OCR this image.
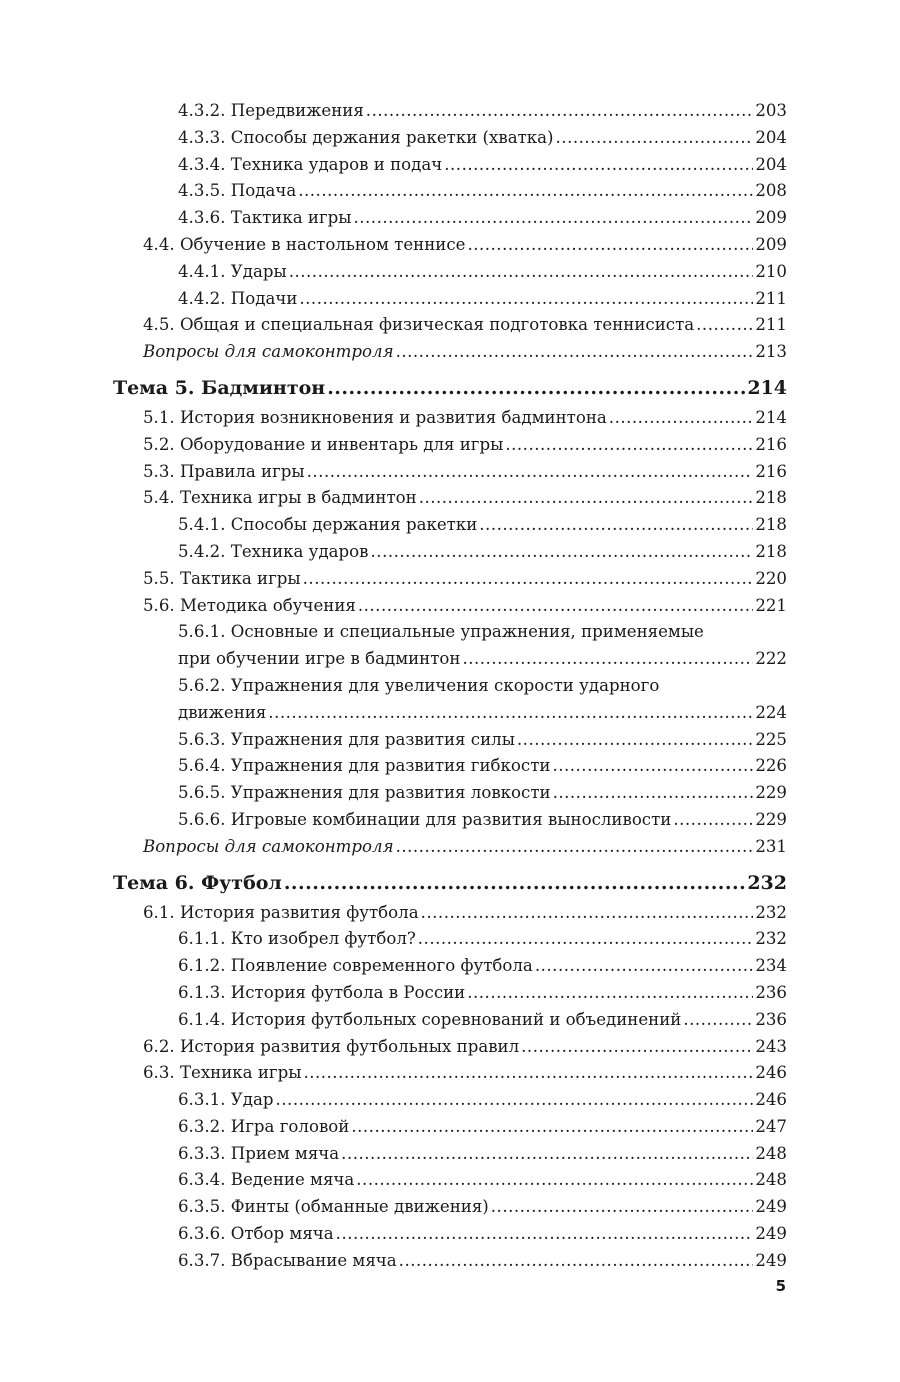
4.3.2. Передвижения .....	203
4.3.3. Способы держания ракетки (хватка) .....	204
4.3.4. Техника ударов и подач .....	204
4.3.5. Подача .....	208
4.3.6. Тактика игры .....	209
4.4. Обучение в настольном теннисе .....	209
4.4.1. Удары .....	210
4.4.2. Подачи .....	211
4.5. Общая и специальная физическая подготовка теннисиста .....	211
Вопросы для самоконтроля .....	213
Тема 5. Бадминтон .....	214
5.1. История возникновения и развития бадминтона .....	214
5.2. Оборудование и инвентарь для игры .....	216
5.3. Правила игры .....	216
5.4. Техника игры в бадминтон .....	218
5.4.1. Способы держания ракетки .....	218
5.4.2. Техника ударов .....	218
5.5. Тактика игры .....	220
5.6. Методика обучения .....	221
5.6.1. Основные и специальные упражнения, применяемые
при обучении игре в бадминтон .....	222
5.6.2. Упражнения для увеличения скорости ударного
движения .....	224
5.6.3. Упражнения для развития силы .....	225
5.6.4. Упражнения для развития гибкости .....	226
5.6.5. Упражнения для развития ловкости .....	229
5.6.6. Игровые комбинации для развития выносливости .....	229
Вопросы для самоконтроля .....	231
Тема 6. Футбол .....	232
6.1. История развития футбола .....	232
6.1.1. Кто изобрел футбол? .....	232
6.1.2. Появление современного футбола .....	234
6.1.3. История футбола в России .....	236
6.1.4. История футбольных соревнований и объединений .....	236
6.2. История развития футбольных правил .....	243
6.3. Техника игры .....	246
6.3.1. Удар .....	246
6.3.2. Игра головой .....	247
6.3.3. Прием мяча .....	248
6.3.4. Ведение мяча .....	248
6.3.5. Финты (обманные движения) .....	249
6.3.6. Отбор мяча .....	249
6.3.7. Вбрасывание мяча .....	249
5
